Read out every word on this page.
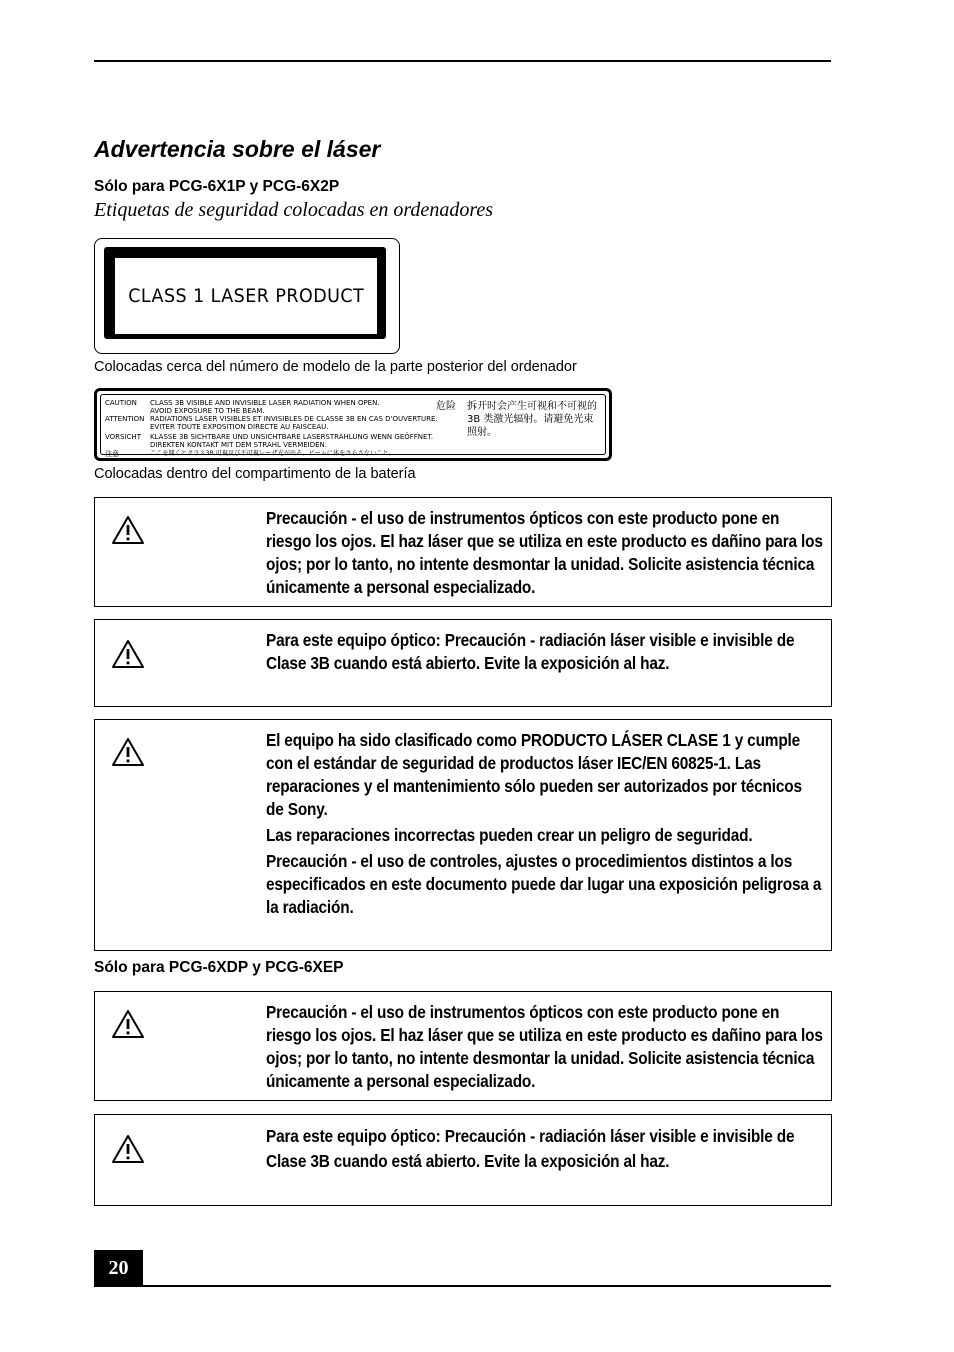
Advertencia sobre el láser
Sólo para PCG-6X1P y PCG-6X2P
Etiquetas de seguridad colocadas en ordenadores
CLASS 1 LASER PRODUCT
Colocadas cerca del número de modelo de la parte posterior del ordenador
CAUTION CLASS 3B VISIBLE AND INVISIBLE LASER RADIATION WHEN OPEN.
AVOID EXPOSURE TO THE BEAM.
ATTENTION RADIATIONS LASER VISIBLES ET INVISIBLES DE CLASSE 3B EN CAS D'OUVERTURE.
EVITER TOUTE EXPOSITION DIRECTE AU FAISCEAU.
VORSICHT KLASSE 3B SICHTBARE UND UNSICHTBARE LASERSTRAHLUNG WENN GEÖFFNET.
DIREKTEN KONTAKT MIT DEM STRAHL VERMEIDEN.
注意	ここを開くとクラス3B 可視及び不可視レーザ光が出る。ビームに体をさらさないこと。
危险 拆开时会产生可视和不可视的
3B 类激光辐射。请避免光束
照射。
Colocadas dentro del compartimento de la batería

Precaución - el uso de instrumentos ópticos con este producto pone en riesgo los ojos. El haz láser que se utiliza en este producto es dañino para los ojos; por lo tanto, no intente desmontar la unidad. Solicite asistencia técnica únicamente a personal especializado.

Para este equipo óptico: Precaución - radiación láser visible e invisible de Clase 3B cuando está abierto. Evite la exposición al haz.

El equipo ha sido clasificado como PRODUCTO LÁSER CLASE 1 y cumple con el estándar de seguridad de productos láser IEC/EN 60825-1. Las reparaciones y el mantenimiento sólo pueden ser autorizados por técnicos de Sony.

Las reparaciones incorrectas pueden crear un peligro de seguridad.

Precaución - el uso de controles, ajustes o procedimientos distintos a los especificados en este documento puede dar lugar una exposición peligrosa a la radiación.

Sólo para PCG-6XDP y PCG-6XEP

Precaución - el uso de instrumentos ópticos con este producto pone en riesgo los ojos. El haz láser que se utiliza en este producto es dañino para los ojos; por lo tanto, no intente desmontar la unidad. Solicite asistencia técnica únicamente a personal especializado.

Para este equipo óptico: Precaución - radiación láser visible e invisible de Clase 3B cuando está abierto. Evite la exposición al haz.

20
